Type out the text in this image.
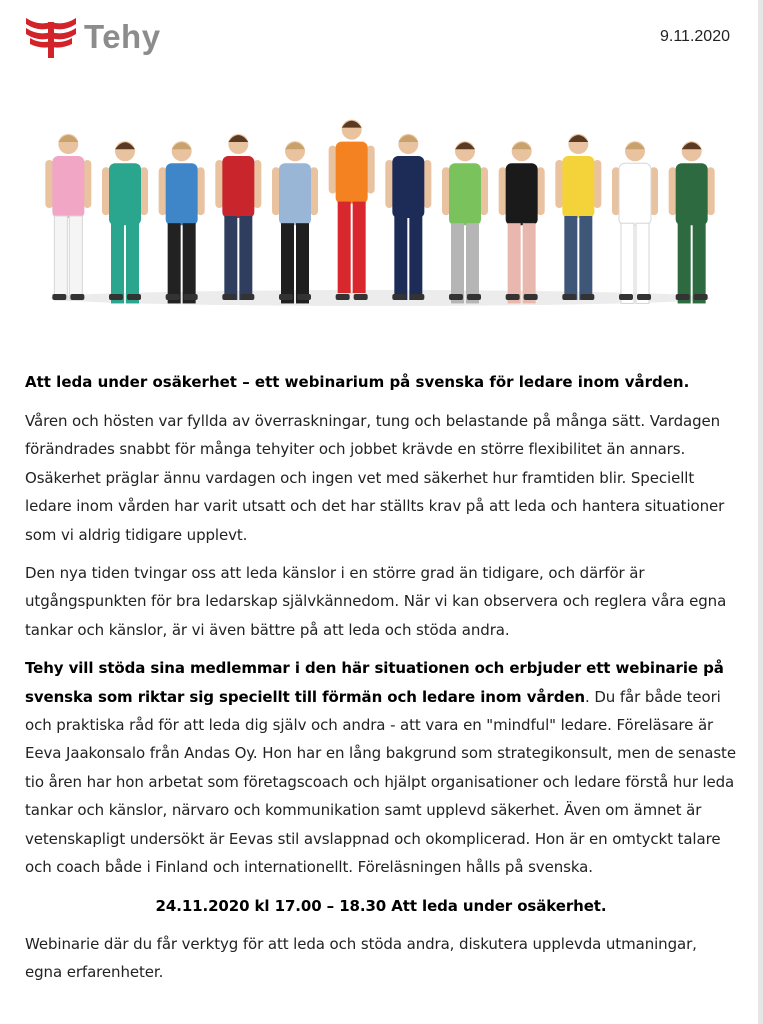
Tehy	9.11.2020
Att leda under osäkerhet – ett webinarium på svenska för ledare inom vården.

Våren och hösten var fyllda av överraskningar, tung och belastande på många sätt. Vardagen förändrades snabbt för många tehyiter och jobbet krävde en större flexibilitet än annars. Osäkerhet präglar ännu vardagen och ingen vet med säkerhet hur framtiden blir. Speciellt ledare inom vården har varit utsatt och det har ställts krav på att leda och hantera situationer som vi aldrig tidigare upplevt.

Den nya tiden tvingar oss att leda känslor i en större grad än tidigare, och därför är utgångspunkten för bra ledarskap självkännedom. När vi kan observera och reglera våra egna tankar och känslor, är vi även bättre på att leda och stöda andra.

Tehy vill stöda sina medlemmar i den här situationen och erbjuder ett webinarie på svenska som riktar sig speciellt till förmän och ledare inom vården. Du får både teori och praktiska råd för att leda dig själv och andra - att vara en "mindful" ledare. Föreläsare är Eeva Jaakonsalo från Andas Oy. Hon har en lång bakgrund som strategikonsult, men de senaste tio åren har hon arbetat som företagscoach och hjälpt organisationer och ledare förstå hur leda tankar och känslor, närvaro och kommunikation samt upplevd säkerhet. Även om ämnet är vetenskapligt undersökt är Eevas stil avslappnad och okomplicerad. Hon är en omtyckt talare och coach både i Finland och internationellt. Föreläsningen hålls på svenska.

24.11.2020 kl 17.00 – 18.30 Att leda under osäkerhet.

Webinarie där du får verktyg för att leda och stöda andra, diskutera upplevda utmaningar, egna erfarenheter.
